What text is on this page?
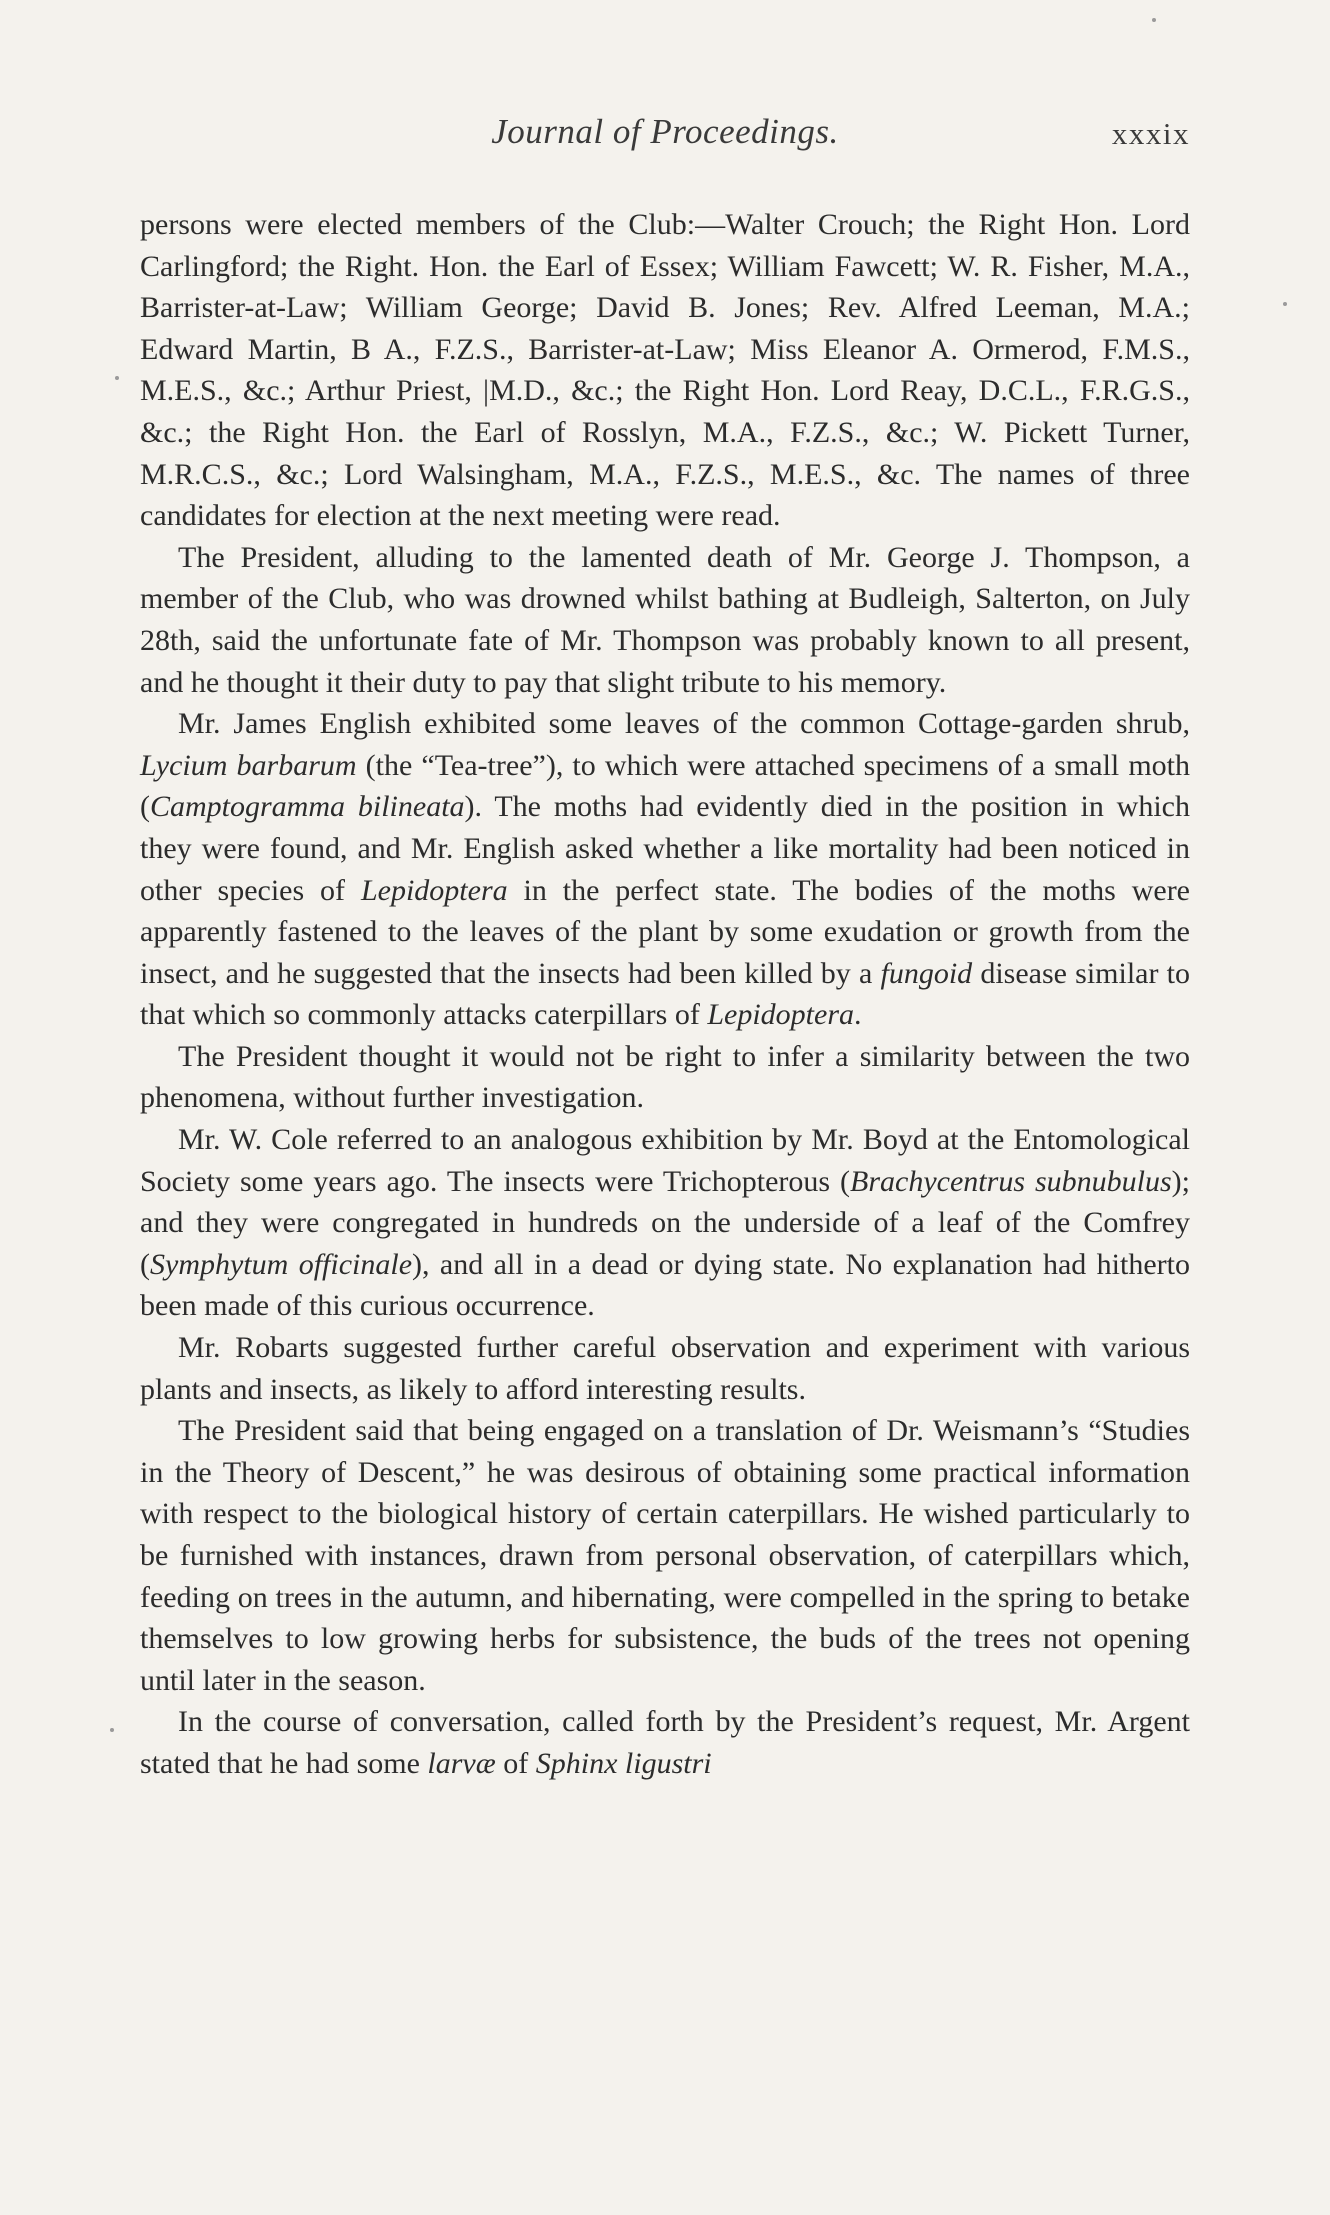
Journal of Proceedings.	xxxix

persons were elected members of the Club:—Walter Crouch; the Right Hon. Lord Carlingford; the Right. Hon. the Earl of Essex; William Fawcett; W. R. Fisher, M.A., Barrister-at-Law; William George; David B. Jones; Rev. Alfred Leeman, M.A.; Edward Martin, B A., F.Z.S., Barrister-at-Law; Miss Eleanor A. Ormerod, F.M.S., M.E.S., &c.; Arthur Priest, |M.D., &c.; the Right Hon. Lord Reay, D.C.L., F.R.G.S., &c.; the Right Hon. the Earl of Rosslyn, M.A., F.Z.S., &c.; W. Pickett Turner, M.R.C.S., &c.; Lord Walsingham, M.A., F.Z.S., M.E.S., &c. The names of three candidates for election at the next meeting were read.

The President, alluding to the lamented death of Mr. George J. Thompson, a member of the Club, who was drowned whilst bathing at Budleigh, Salterton, on July 28th, said the unfortunate fate of Mr. Thompson was probably known to all present, and he thought it their duty to pay that slight tribute to his memory.

Mr. James English exhibited some leaves of the common Cottage-garden shrub, Lycium barbarum (the “Tea-tree”), to which were attached specimens of a small moth (Camptogramma bilineata). The moths had evidently died in the position in which they were found, and Mr. English asked whether a like mortality had been noticed in other species of Lepidoptera in the perfect state. The bodies of the moths were apparently fastened to the leaves of the plant by some exudation or growth from the insect, and he suggested that the insects had been killed by a fungoid disease similar to that which so commonly attacks caterpillars of Lepidoptera.

The President thought it would not be right to infer a similarity between the two phenomena, without further investigation.

Mr. W. Cole referred to an analogous exhibition by Mr. Boyd at the Entomological Society some years ago. The insects were Trichopterous (Brachycentrus subnubulus); and they were congregated in hundreds on the underside of a leaf of the Comfrey (Symphytum officinale), and all in a dead or dying state. No explanation had hitherto been made of this curious occurrence.

Mr. Robarts suggested further careful observation and experiment with various plants and insects, as likely to afford interesting results.

The President said that being engaged on a translation of Dr. Weismann’s “Studies in the Theory of Descent,” he was desirous of obtaining some practical information with respect to the biological history of certain caterpillars. He wished particularly to be furnished with instances, drawn from personal observation, of caterpillars which, feeding on trees in the autumn, and hibernating, were compelled in the spring to betake themselves to low growing herbs for subsistence, the buds of the trees not opening until later in the season.

In the course of conversation, called forth by the President’s request, Mr. Argent stated that he had some larvæ of Sphinx ligustri
